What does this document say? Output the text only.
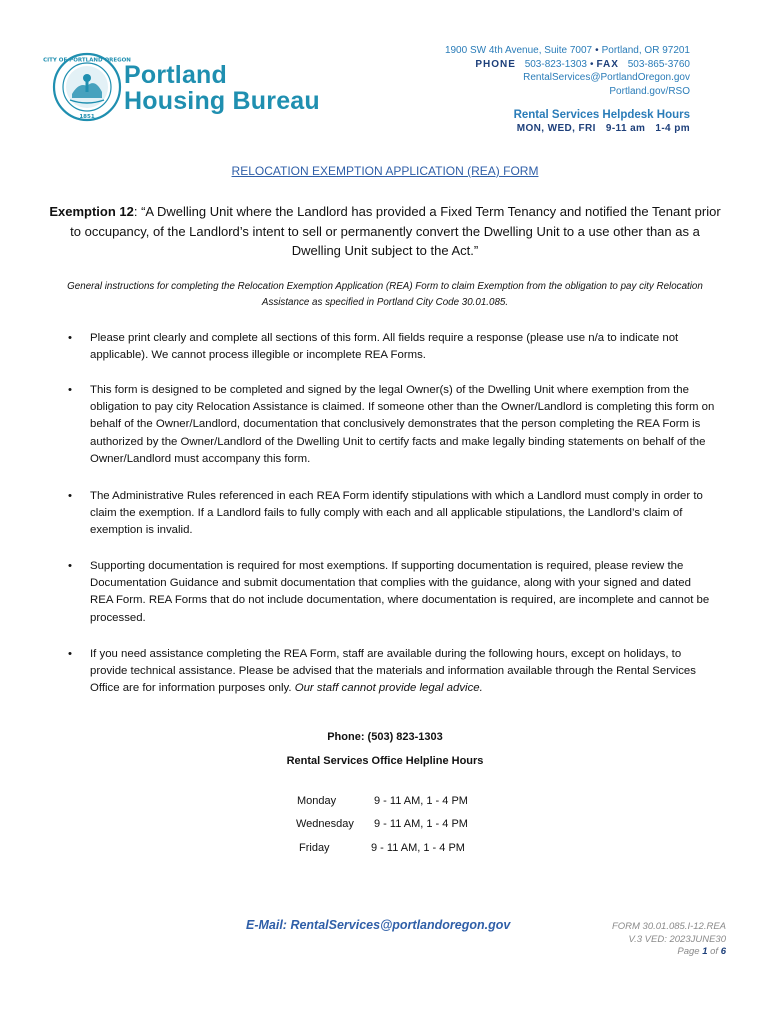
CITY OF PORTLAND OREGON
1851
Portland
Housing Bureau
1900 SW 4th Avenue, Suite 7007 • Portland, OR 97201
PHONE 503-823-1303 • FAX 503-865-3760
RentalServices@PortlandOregon.gov
Portland.gov/RSO
Rental Services Helpdesk Hours
MON, WED, FRI 9-11 am 1-4 pm
RELOCATION EXEMPTION APPLICATION (REA) FORM
Exemption 12: “A Dwelling Unit where the Landlord has provided a Fixed Term Tenancy and notified the Tenant prior to occupancy, of the Landlord’s intent to sell or permanently convert the Dwelling Unit to a use other than as a Dwelling Unit subject to the Act.”
General instructions for completing the Relocation Exemption Application (REA) Form to claim Exemption from the obligation to pay city Relocation Assistance as specified in Portland City Code 30.01.085.
• Please print clearly and complete all sections of this form. All fields require a response (please use n/a to indicate not applicable). We cannot process illegible or incomplete REA Forms.
• This form is designed to be completed and signed by the legal Owner(s) of the Dwelling Unit where exemption from the obligation to pay city Relocation Assistance is claimed. If someone other than the Owner/Landlord is completing this form on behalf of the Owner/Landlord, documentation that conclusively demonstrates that the person completing the REA Form is authorized by the Owner/Landlord of the Dwelling Unit to certify facts and make legally binding statements on behalf of the Owner/Landlord must accompany this form.
• The Administrative Rules referenced in each REA Form identify stipulations with which a Landlord must comply in order to claim the exemption. If a Landlord fails to fully comply with each and all applicable stipulations, the Landlord’s claim of exemption is invalid.
• Supporting documentation is required for most exemptions. If supporting documentation is required, please review the Documentation Guidance and submit documentation that complies with the guidance, along with your signed and dated REA Form. REA Forms that do not include documentation, where documentation is required, are incomplete and cannot be processed.
• If you need assistance completing the REA Form, staff are available during the following hours, except on holidays, to provide technical assistance. Please be advised that the materials and information available through the Rental Services Office are for information purposes only. Our staff cannot provide legal advice.
Phone: (503) 823-1303
Rental Services Office Helpline Hours
Monday	9 - 11 AM, 1 - 4 PM
Wednesday 9 - 11 AM, 1 - 4 PM
Friday	9 - 11 AM, 1 - 4 PM
E-Mail: RentalServices@portlandoregon.gov	FORM 30.01.085.I-12.REA
V.3 VED: 2023JUNE30
Page 1 of 6
